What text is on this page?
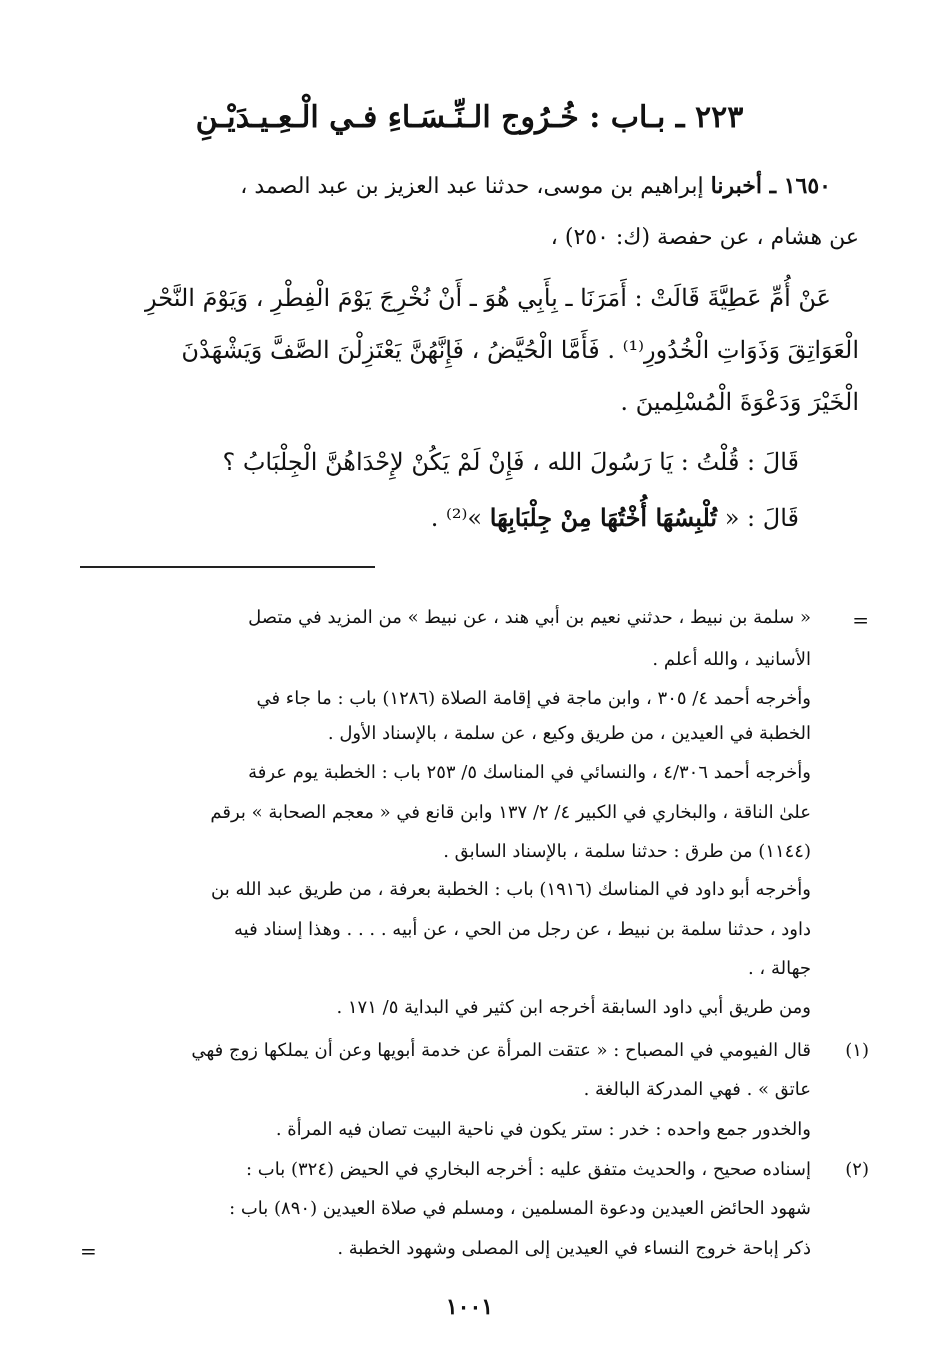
٢٢٣ ـ بـاب : خُـرُوج الـنِّـسَـاءِ فـي الْـعِـيـدَيْـنِ
١٦٥٠ ـ أخبرنا إبراهيم بن موسى، حدثنا عبد العزيز بن عبد الصمد ،
عن هشام ، عن حفصة (ك: ٢٥٠) ،
عَنْ أُمِّ عَطِيَّةَ قَالَتْ : أَمَرَنَا ـ بِأَبِي هُوَ ـ أَنْ نُخْرِجَ يَوْمَ الْفِطْرِ ، وَيَوْمَ النَّحْرِ
الْعَوَاتِقَ وَذَوَاتِ الْخُدُورِ⁽¹⁾ . فَأَمَّا الْحُيَّضُ ، فَإِنَّهُنَّ يَعْتَزِلْنَ الصَّفَّ وَيَشْهَدْنَ
الْخَيْرَ وَدَعْوَةَ الْمُسْلِمينَ .
قَالَ : قُلْتُ : يَا رَسُولَ الله ، فَإِنْ لَمْ يَكُنْ لإِحْدَاهُنَّ الْجِلْبَابُ ؟
قَالَ : « تُلْبِسُهَا أُخْتُهَا مِنْ جِلْبَابِهَا »⁽²⁾ .
=
« سلمة بن نبيط ، حدثني نعيم بن أبي هند ، عن نبيط » من المزيد في متصل
الأسانيد ، والله أعلم .
وأخرجه أحمد ٤/ ٣٠٥ ، وابن ماجة في إقامة الصلاة (١٢٨٦) باب : ما جاء في
الخطبة في العيدين ، من طريق وكيع ، عن سلمة ، بالإسناد الأول .
وأخرجه أحمد ٤/٣٠٦ ، والنسائي في المناسك ٥/ ٢٥٣ باب : الخطبة يوم عرفة
علىٰ الناقة ، والبخاري في الكبير ٤/ ٢/ ١٣٧ وابن قانع في « معجم الصحابة » برقم
(١١٤٤) من طرق : حدثنا سلمة ، بالإسناد السابق .
وأخرجه أبو داود في المناسك (١٩١٦) باب : الخطبة بعرفة ، من طريق عبد الله بن
داود ، حدثنا سلمة بن نبيط ، عن رجل من الحي ، عن أبيه . . . . وهذا إسناد فيه
جهالة ، .
ومن طريق أبي داود السابقة أخرجه ابن كثير في البداية ٥/ ١٧١ .
(١)
قال الفيومي في المصباح : « عتقت المرأة عن خدمة أبويها وعن أن يملكها زوج فهي
عاتق » . فهي المدركة البالغة .
والخدور جمع واحده : خدر : ستر يكون في ناحية البيت تصان فيه المرأة .
(٢)
إسناده صحيح ، والحديث متفق عليه : أخرجه البخاري في الحيض (٣٢٤) باب :
شهود الحائض العيدين ودعوة المسلمين ، ومسلم في صلاة العيدين (٨٩٠) باب :
ذكر إباحة خروج النساء في العيدين إلى المصلى وشهود الخطبة .
=
١٠٠١
